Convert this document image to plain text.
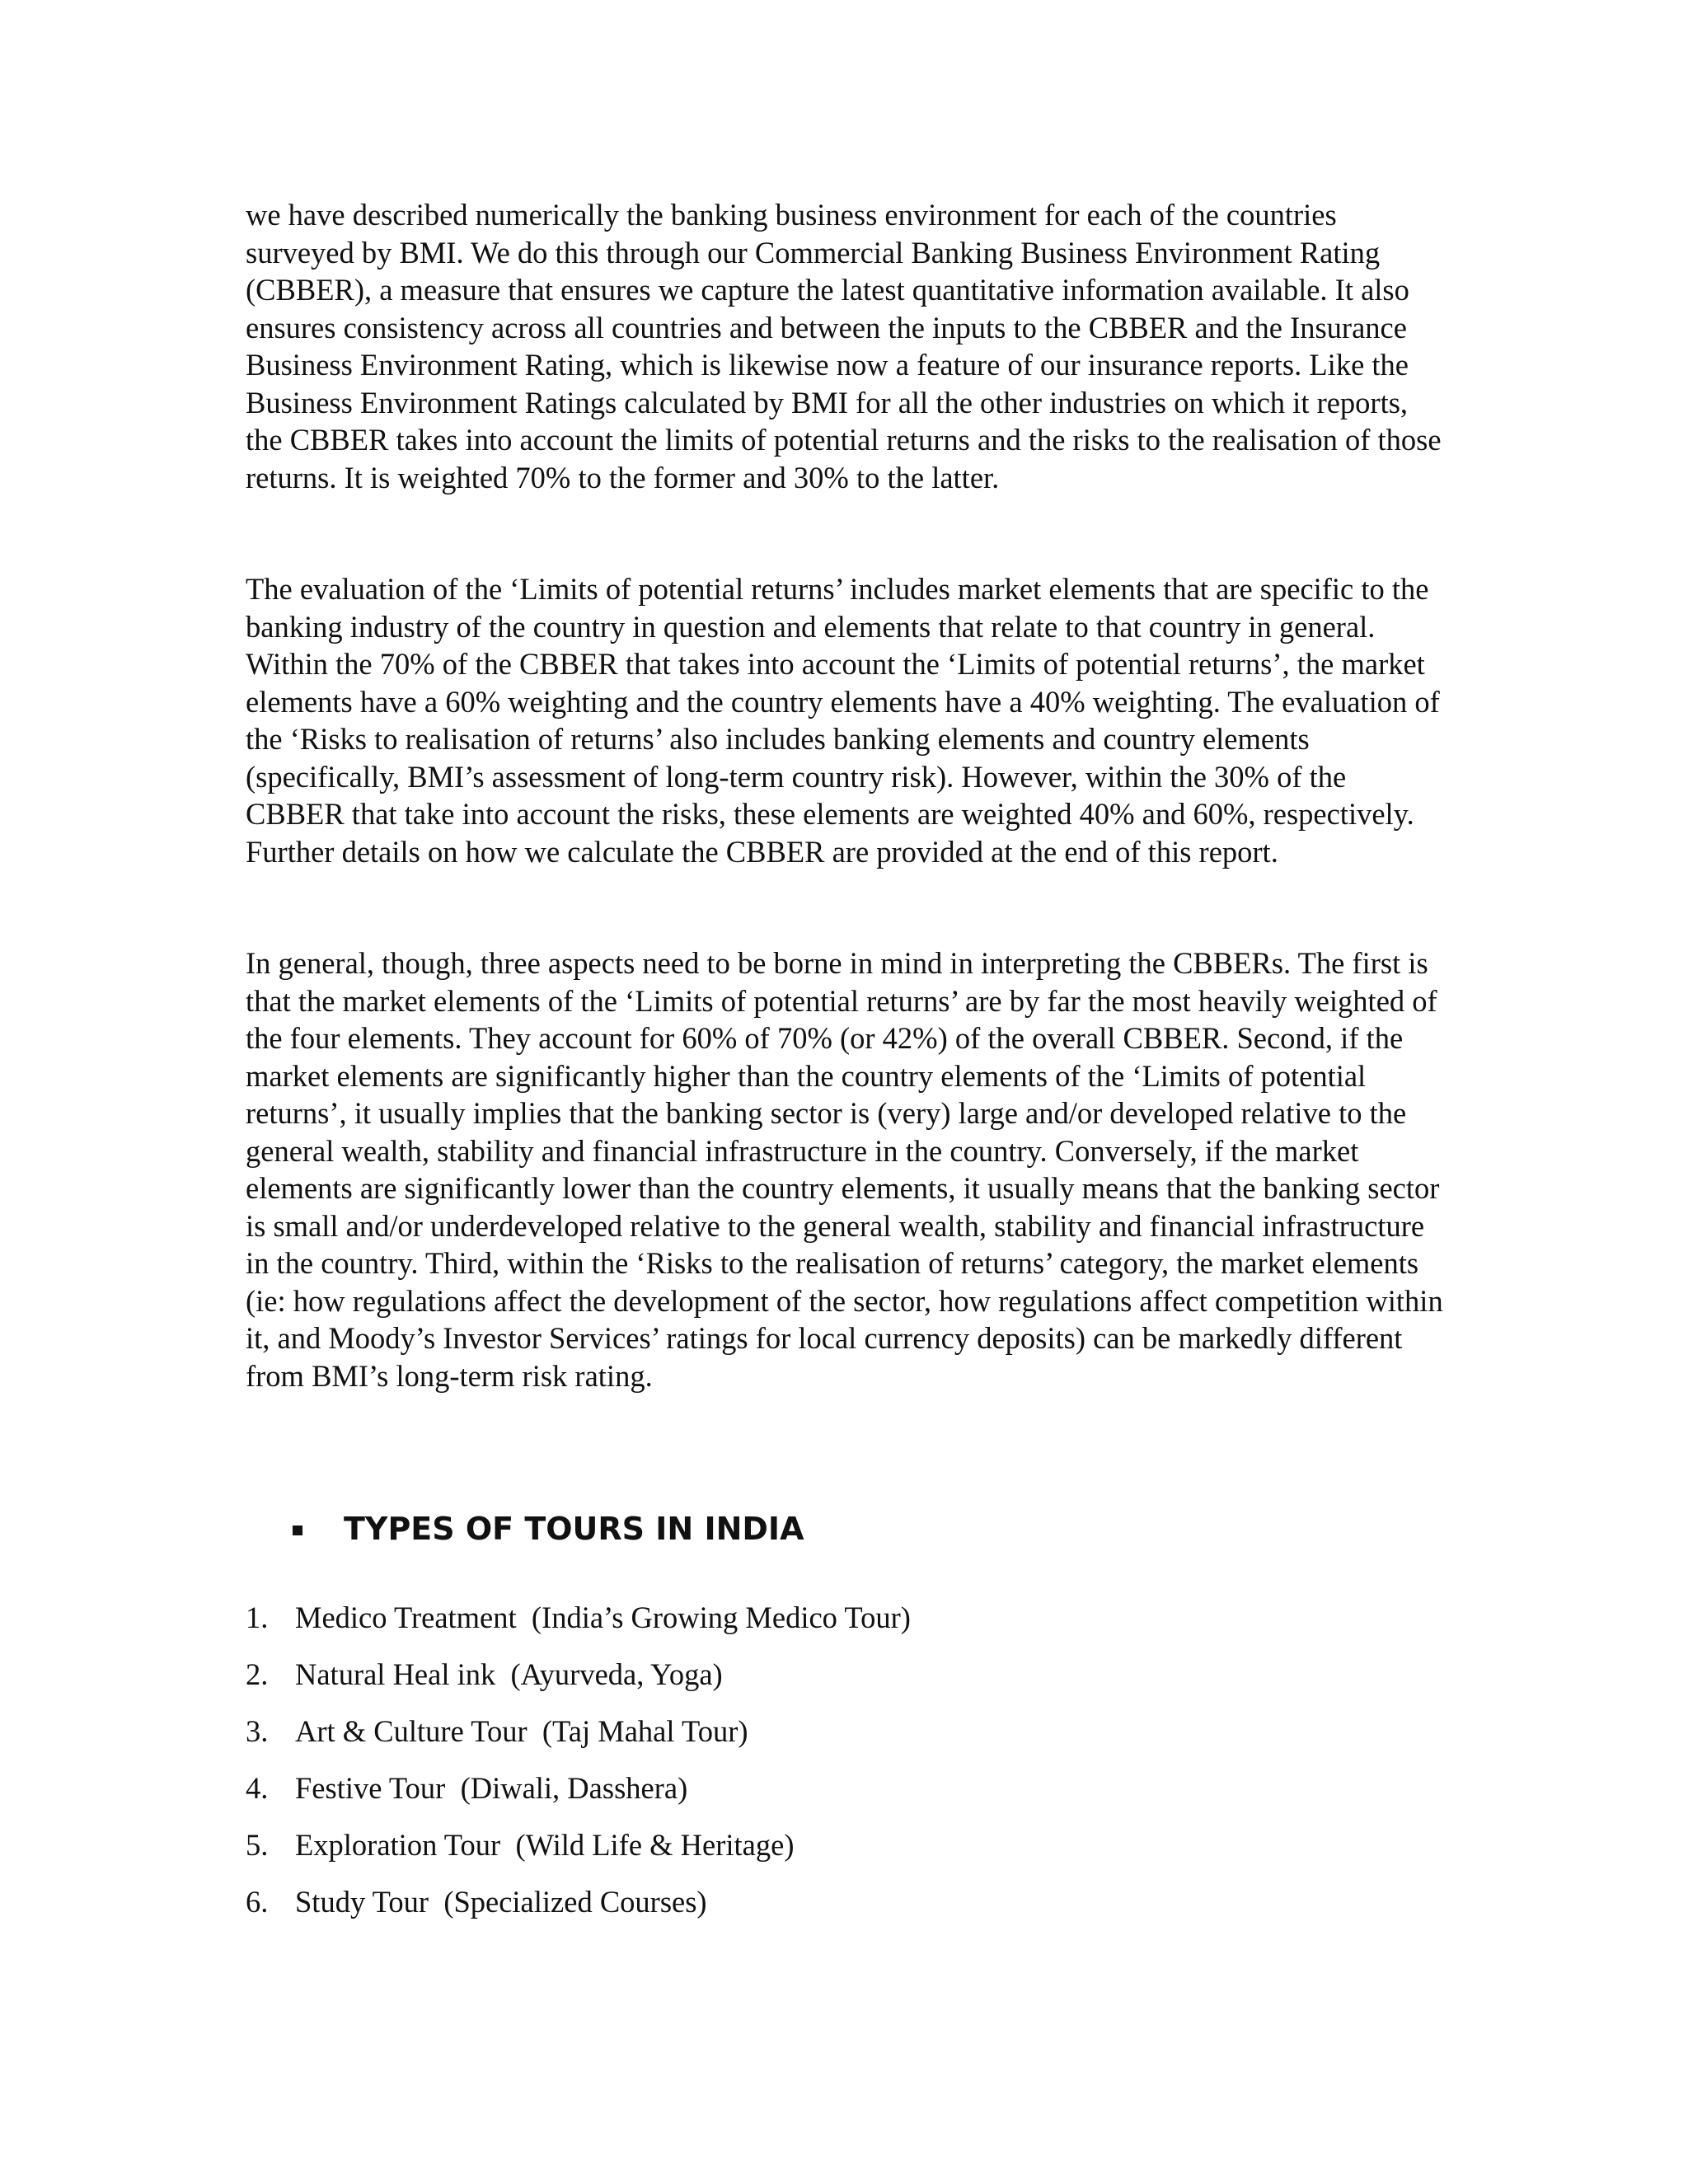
we have described numerically the banking business environment for each of the countries surveyed by BMI. We do this through our Commercial Banking Business Environment Rating (CBBER), a measure that ensures we capture the latest quantitative information available. It also ensures consistency across all countries and between the inputs to the CBBER and the Insurance Business Environment Rating, which is likewise now a feature of our insurance reports. Like the Business Environment Ratings calculated by BMI for all the other industries on which it reports, the CBBER takes into account the limits of potential returns and the risks to the realisation of those returns. It is weighted 70% to the former and 30% to the latter.

The evaluation of the ‘Limits of potential returns’ includes market elements that are specific to the banking industry of the country in question and elements that relate to that country in general. Within the 70% of the CBBER that takes into account the ‘Limits of potential returns’, the market elements have a 60% weighting and the country elements have a 40% weighting. The evaluation of the ‘Risks to realisation of returns’ also includes banking elements and country elements (specifically, BMI’s assessment of long-term country risk). However, within the 30% of the CBBER that take into account the risks, these elements are weighted 40% and 60%, respectively. Further details on how we calculate the CBBER are provided at the end of this report.

In general, though, three aspects need to be borne in mind in interpreting the CBBERs. The first is that the market elements of the ‘Limits of potential returns’ are by far the most heavily weighted of the four elements. They account for 60% of 70% (or 42%) of the overall CBBER. Second, if the market elements are significantly higher than the country elements of the ‘Limits of potential returns’, it usually implies that the banking sector is (very) large and/or developed relative to the general wealth, stability and financial infrastructure in the country. Conversely, if the market elements are significantly lower than the country elements, it usually means that the banking sector is small and/or underdeveloped relative to the general wealth, stability and financial infrastructure in the country. Third, within the ‘Risks to the realisation of returns’ category, the market elements (ie: how regulations affect the development of the sector, how regulations affect competition within it, and Moody’s Investor Services’ ratings for local currency deposits) can be markedly different from BMI’s long-term risk rating.

TYPES OF TOURS IN INDIA
1. Medico Treatment (India’s Growing Medico Tour)
2. Natural Heal ink (Ayurveda, Yoga)
3. Art & Culture Tour (Taj Mahal Tour)
4. Festive Tour (Diwali, Dasshera)
5. Exploration Tour (Wild Life & Heritage)
6. Study Tour (Specialized Courses)
